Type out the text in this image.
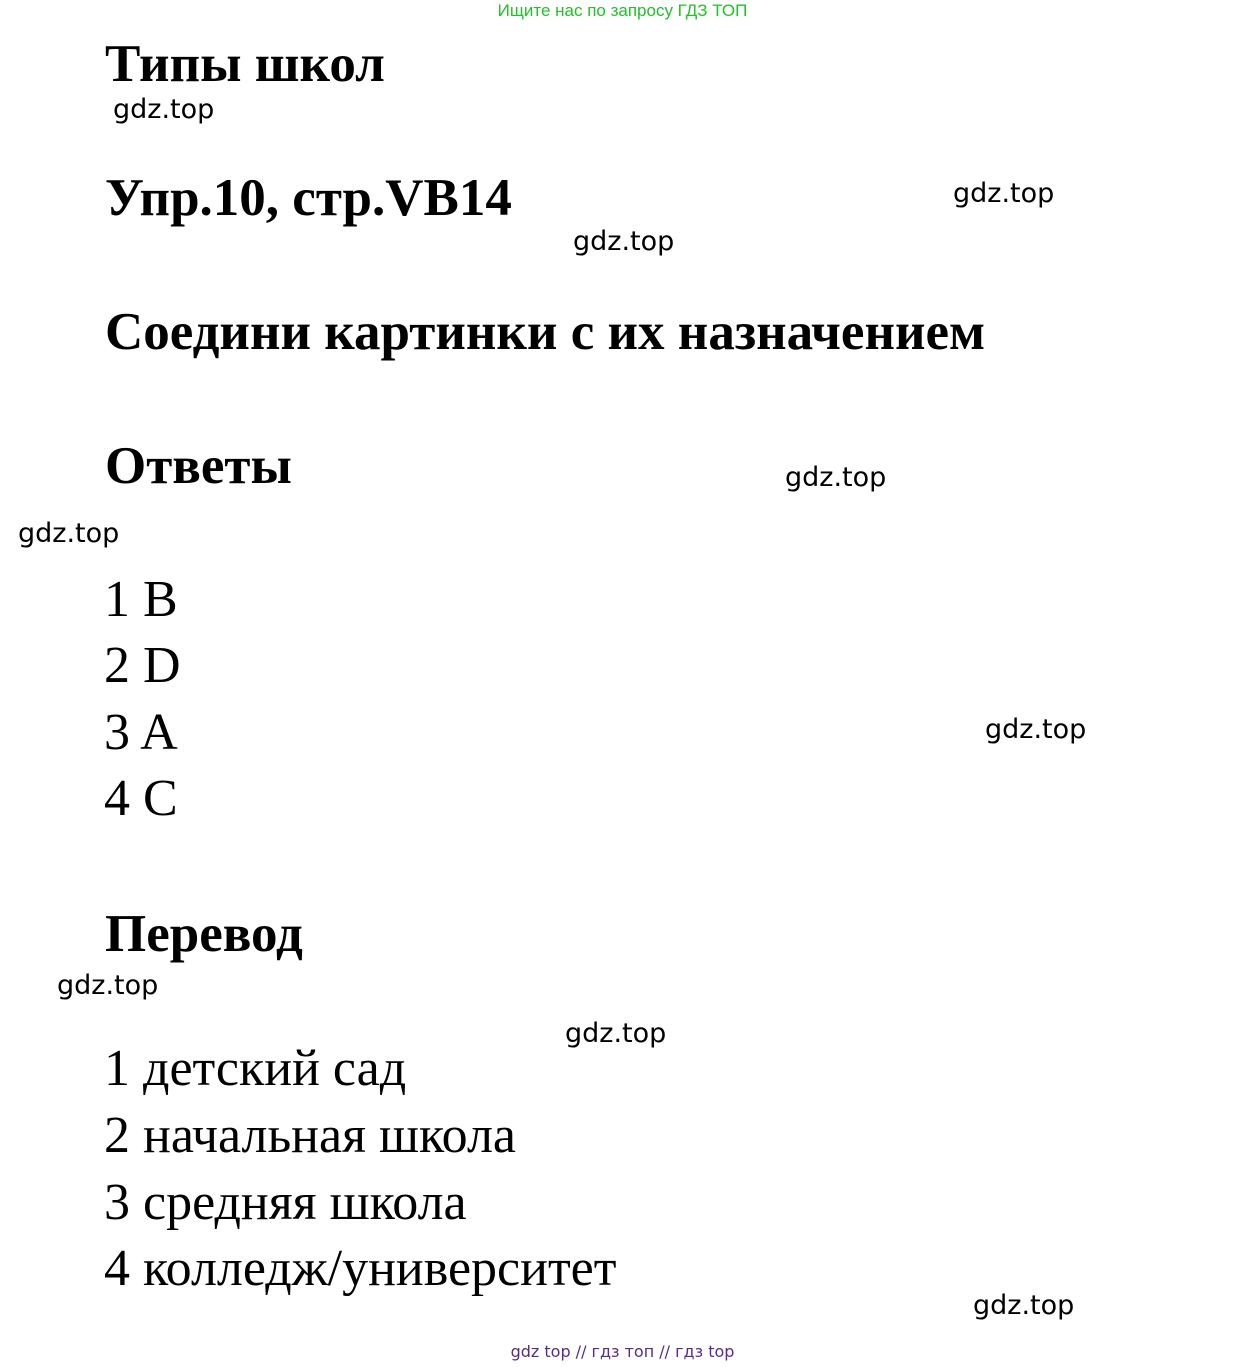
Ищите нас по запросу ГДЗ ТОП
Типы школ
gdz.top
Упр.10, стр.VB14	gdz.top
gdz.top
Соедини картинки с их назначением
Ответы	gdz.top
gdz.top
1 B
2 D
3 A	gdz.top
4 C
Перевод
gdz.top
gdz.top
1 детский сад
2 начальная школа
3 средняя школа
4 колледж/университет
gdz.top
gdz top // гдз топ // гдз top
